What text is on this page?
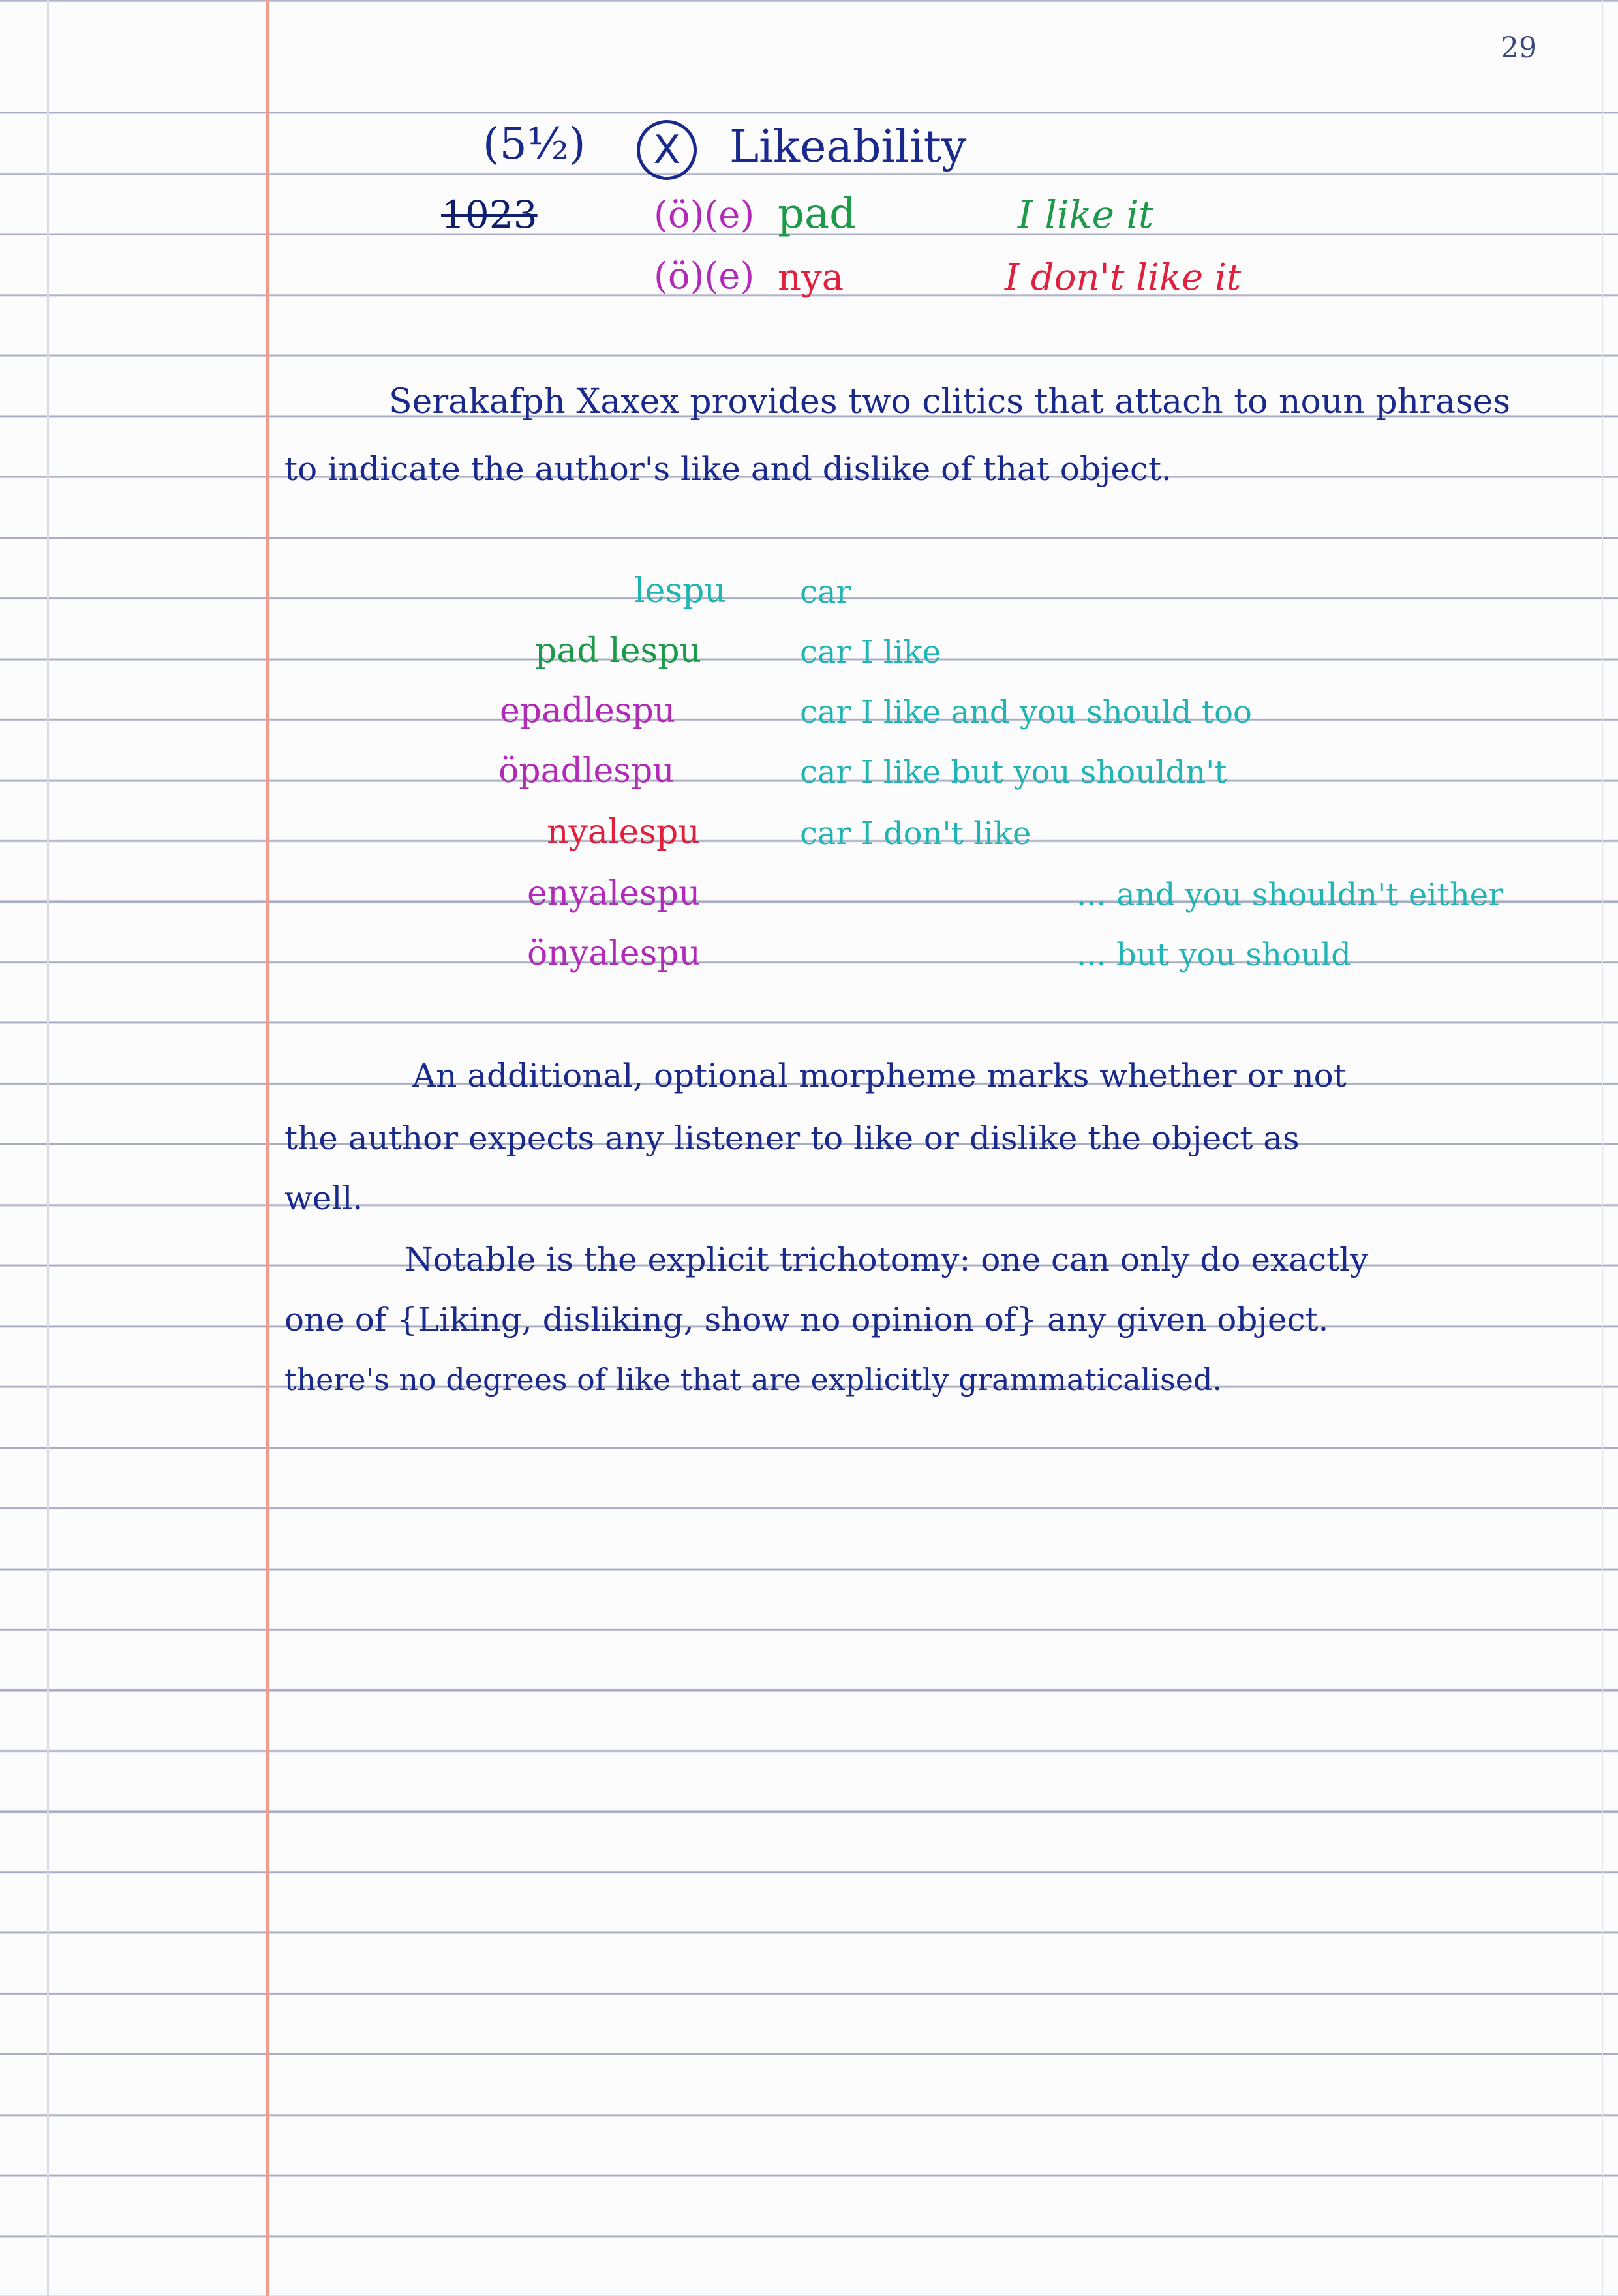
29
(5½)	X	Likeability
1023	(ö)(e) pad	I like it
(ö)(e) nya	I don't like it
Serakafph Xaxex provides two clitics that attach to noun phrases
to indicate the author's like and dislike of that object.
lespu car
pad lespu	car I like
epadlespu	car I like and you should too
öpadlespu	car I like but you shouldn't
nyalespu	car I don't like
enyalespu	... and you shouldn't either
önyalespu	... but you should
An additional, optional morpheme marks whether or not
the author expects any listener to like or dislike the object as
well.
Notable is the explicit trichotomy: one can only do exactly
one of {Liking, disliking, show no opinion of} any given object.
there's no degrees of like that are explicitly grammaticalised.
